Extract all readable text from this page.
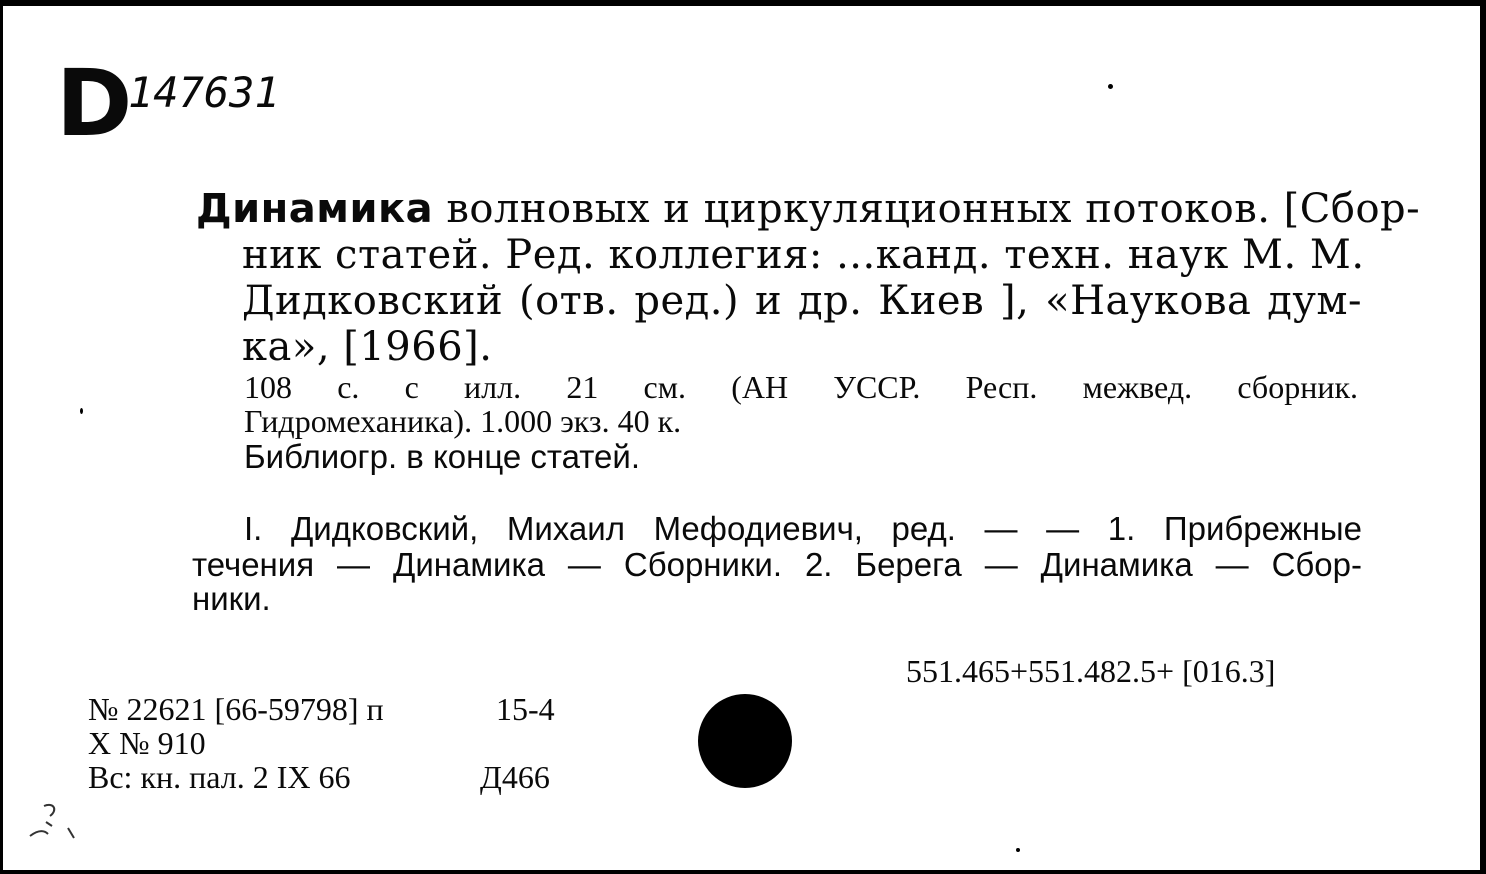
D
147631
Динамика волновых и циркуляционных потоков. [Сбор-
ник статей. Ред. коллегия: ...канд. техн. наук М. М.
Дидковский (отв. ред.) и др. Киев ], «Наукова дум-
ка», [1966].
108 с. с илл. 21 см. (АН УССР. Респ. межвед. сборник.
Гидромеханика). 1.000 экз. 40 к.
Библиогр. в конце статей.
I. Дидковский, Михаил Мефодиевич, ред. — — 1. Прибрежные
течения — Динамика — Сборники. 2. Берега — Динамика — Сбор-
ники.
551.465+551.482.5+ [016.3]
№ 22621 [66-59798] п	15-4
X № 910
Вс: кн. пал. 2 IX 66	Д466
